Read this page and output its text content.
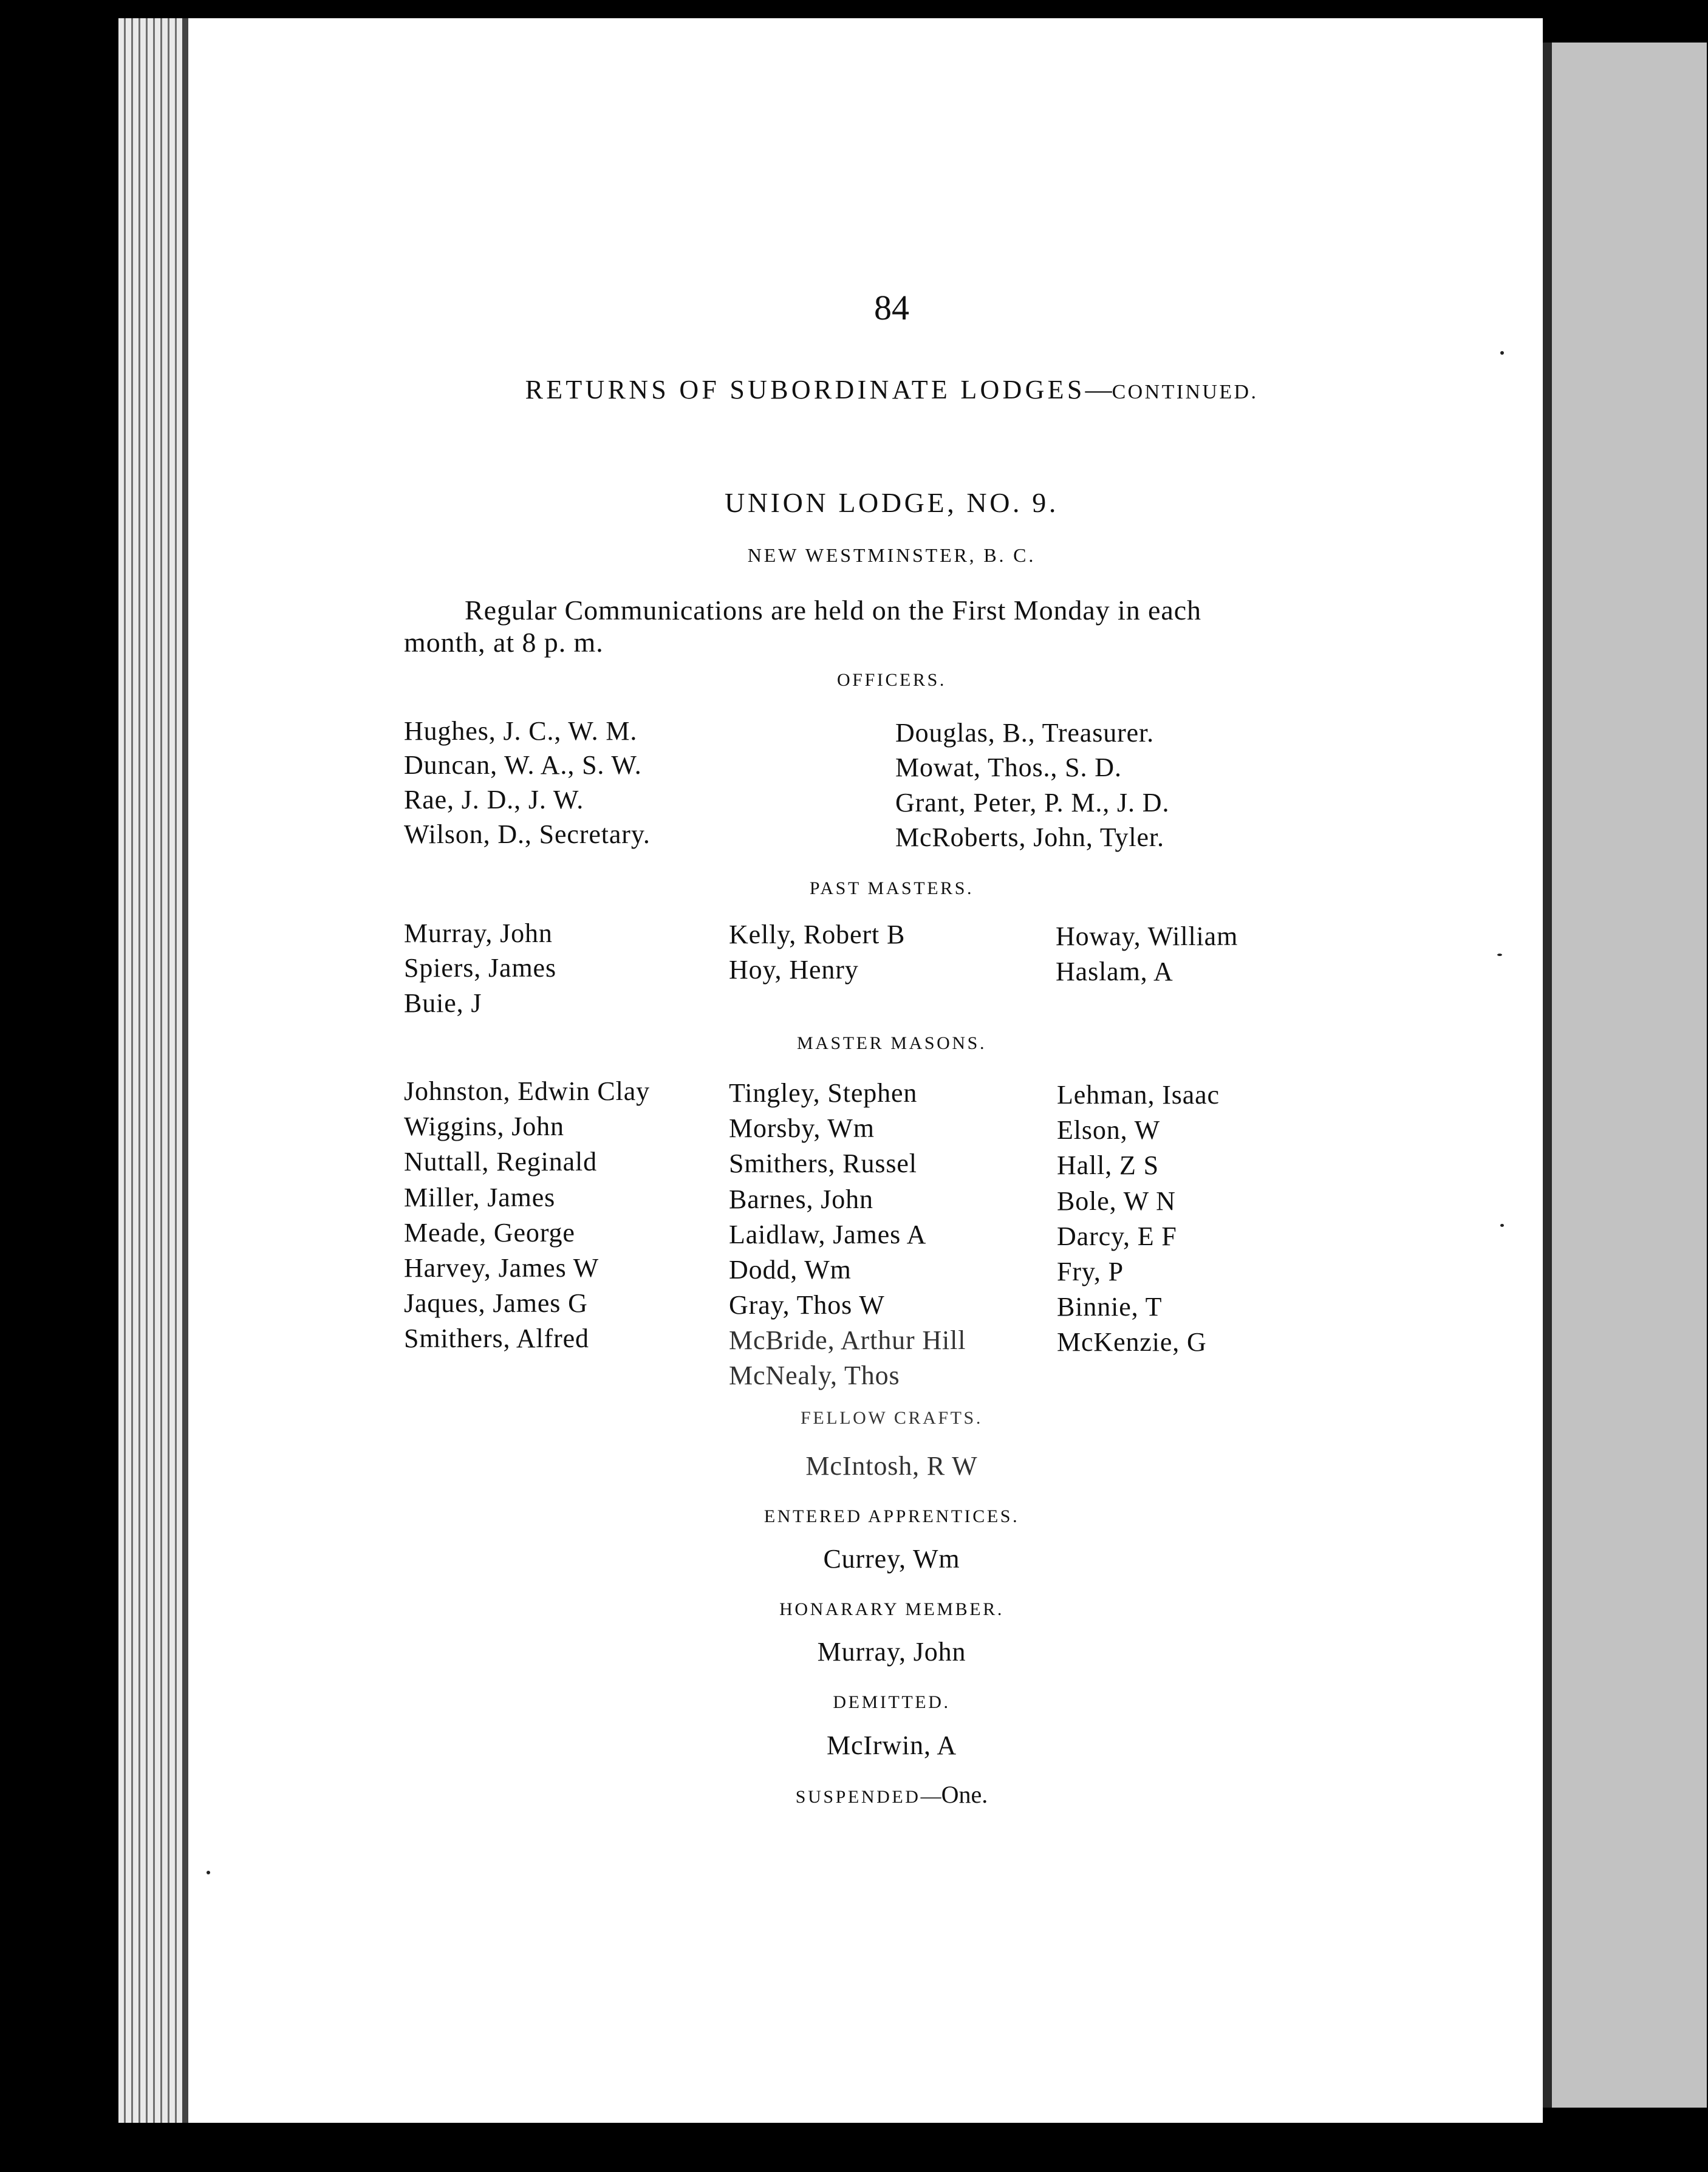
84
RETURNS OF SUBORDINATE LODGES—CONTINUED.
UNION LODGE, NO. 9.
NEW WESTMINSTER, B. C.
Regular Communications are held on the First Monday in each
month, at 8 p. m.
OFFICERS.
Hughes, J. C., W. M.
Duncan, W. A., S. W.
Rae, J. D., J. W.
Wilson, D., Secretary.
Douglas, B., Treasurer.
Mowat, Thos., S. D.
Grant, Peter, P. M., J. D.
McRoberts, John, Tyler.
PAST MASTERS.
Murray, John
Spiers, James
Buie, J
Kelly, Robert B
Hoy, Henry
Howay, William
Haslam, A
MASTER MASONS.
Johnston, Edwin Clay
Wiggins, John
Nuttall, Reginald
Miller, James
Meade, George
Harvey, James W
Jaques, James G
Smithers, Alfred
Tingley, Stephen
Morsby, Wm
Smithers, Russel
Barnes, John
Laidlaw, James A
Dodd, Wm
Gray, Thos W
McBride, Arthur Hill
McNealy, Thos
Lehman, Isaac
Elson, W
Hall, Z S
Bole, W N
Darcy, E F
Fry, P
Binnie, T
McKenzie, G
FELLOW CRAFTS.
McIntosh, R W
ENTERED APPRENTICES.
Currey, Wm
HONARARY MEMBER.
Murray, John
DEMITTED.
McIrwin, A
SUSPENDED—One.
